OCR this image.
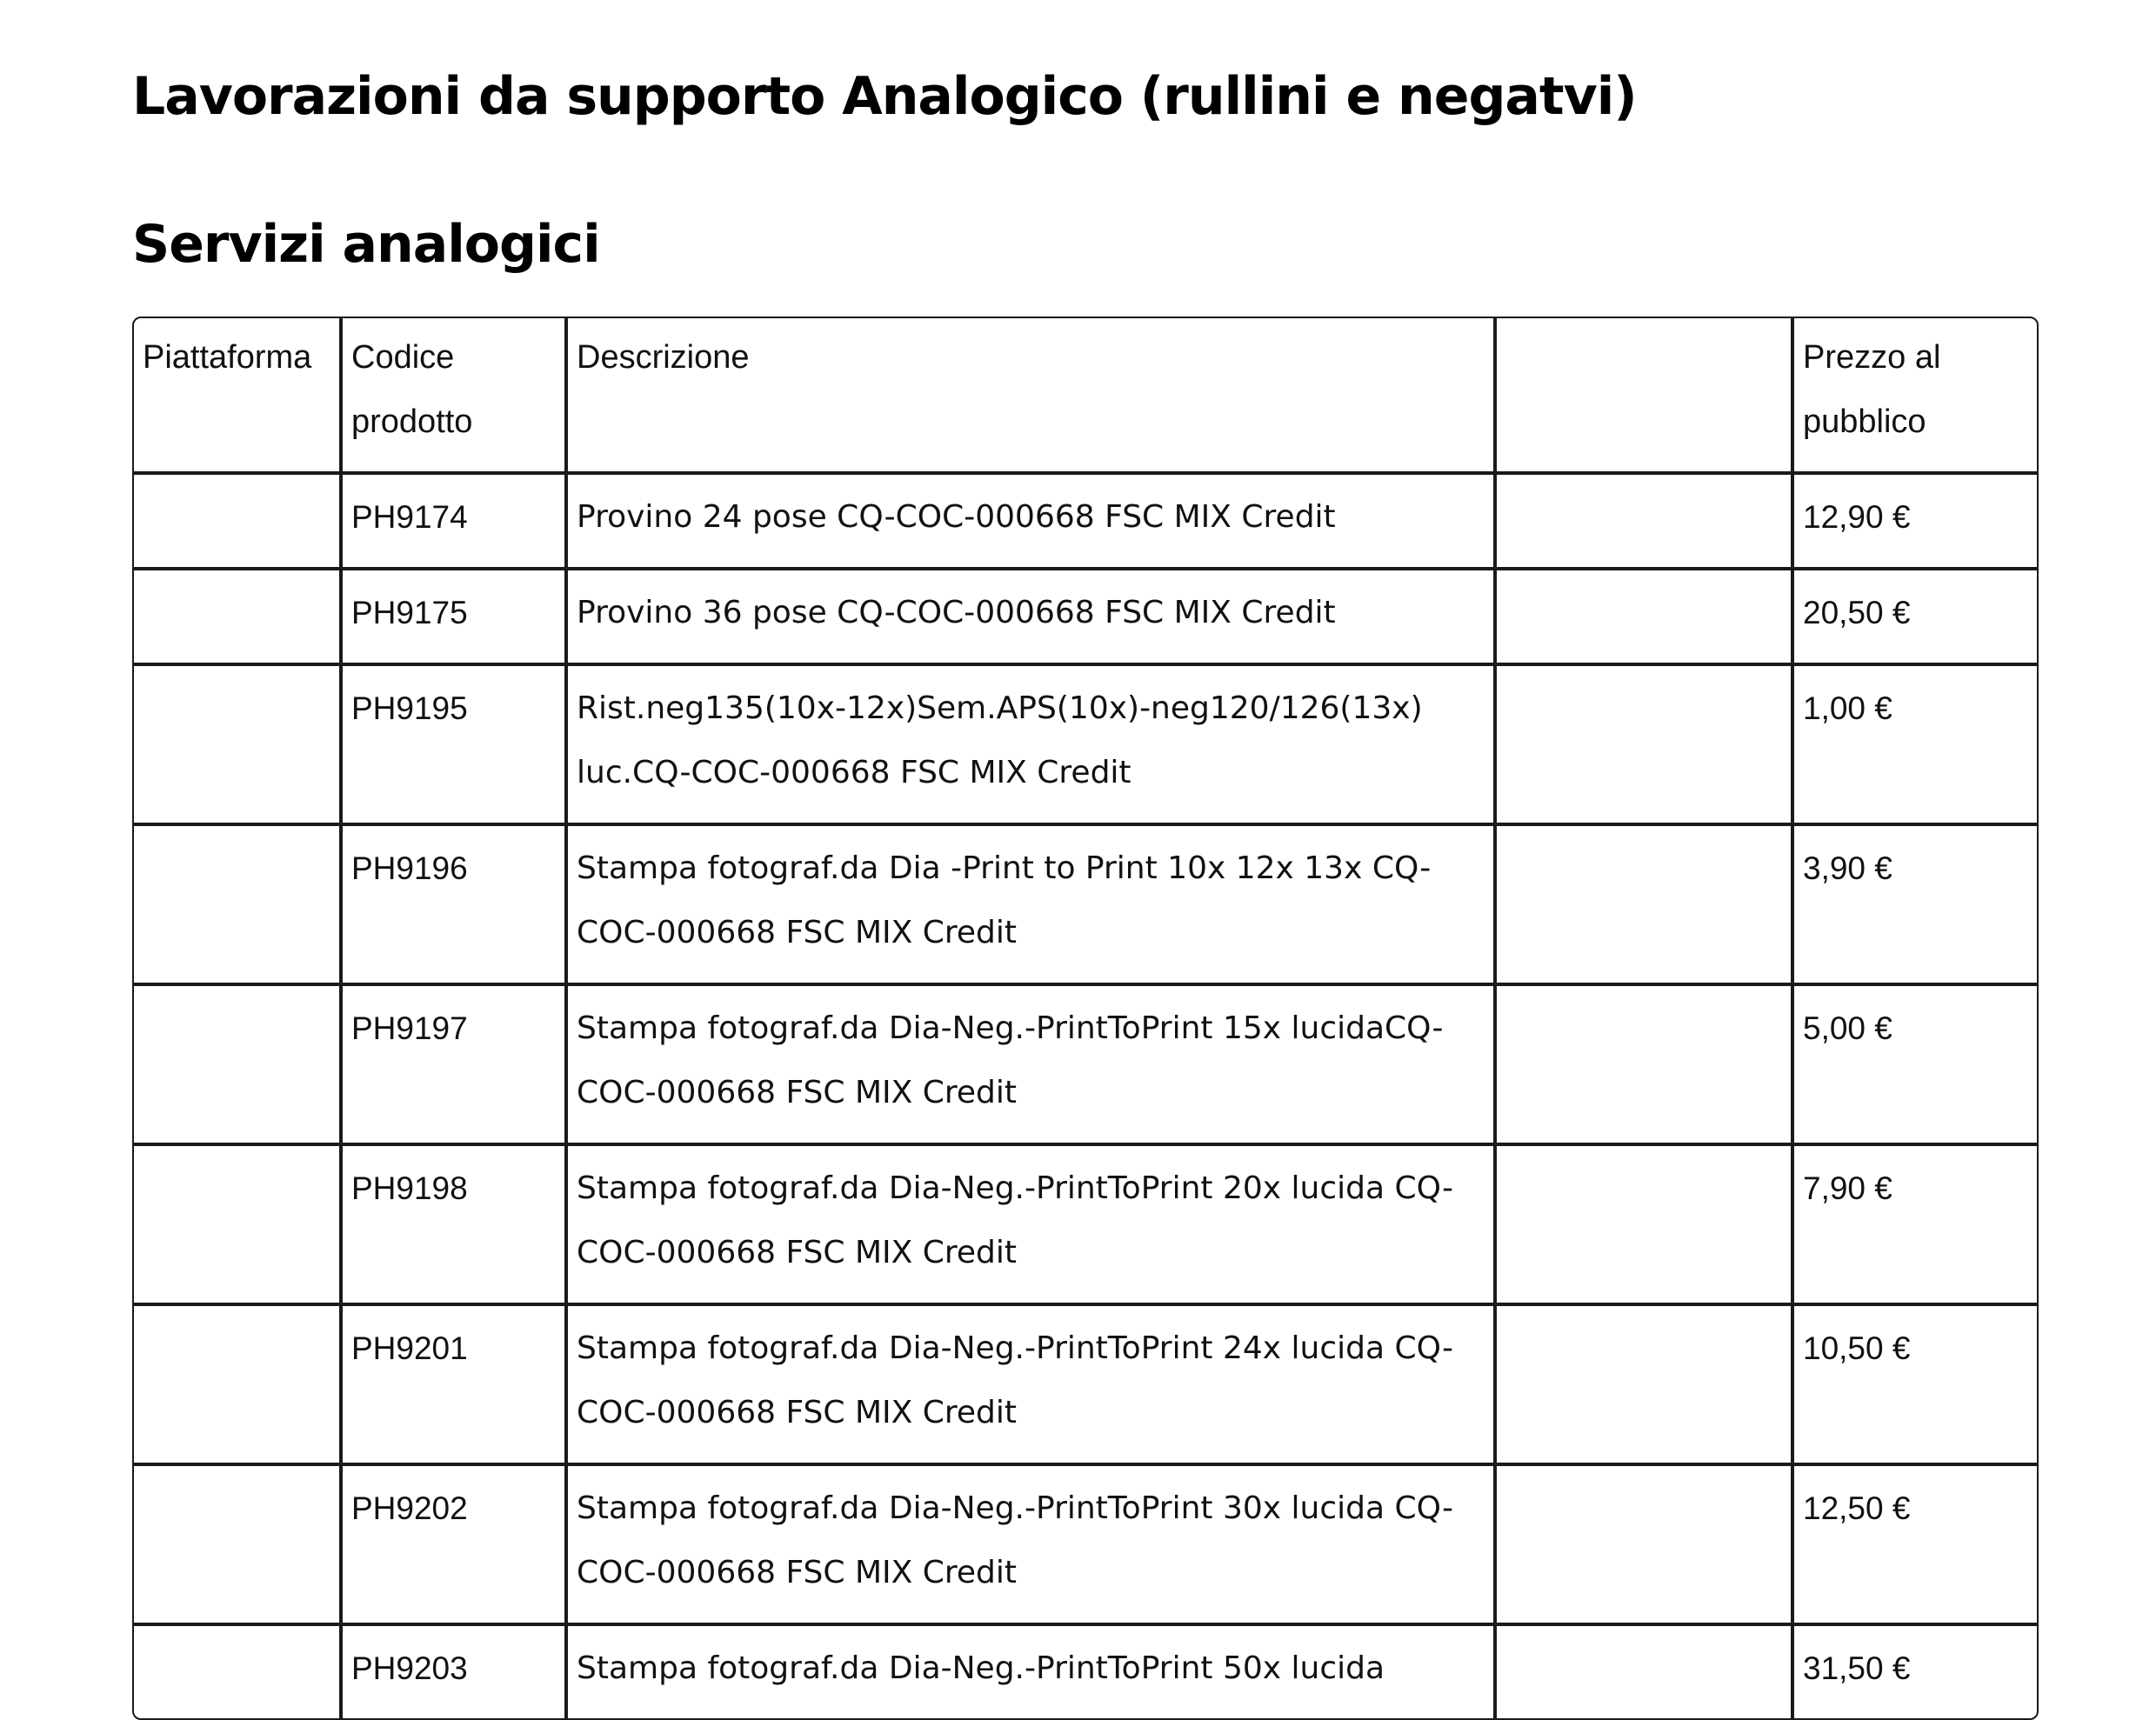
Lavorazioni da supporto Analogico (rullini e negatvi)
Servizi analogici
Piattaforma	Codice prodotto	Descrizione		Prezzo al pubblico
	PH9174	Provino 24 pose CQ-COC-000668 FSC MIX Credit		12,90 €
	PH9175	Provino 36 pose CQ-COC-000668 FSC MIX Credit		20,50 €
	PH9195	Rist.neg135(10x-12x)Sem.APS(10x)-neg120/126(13x) luc.CQ-COC-000668 FSC MIX Credit		1,00 €
	PH9196	Stampa fotograf.da Dia -Print to Print 10x 12x 13x CQ-COC-000668 FSC MIX Credit		3,90 €
	PH9197	Stampa fotograf.da Dia-Neg.-PrintToPrint 15x lucidaCQ-COC-000668 FSC MIX Credit		5,00 €
	PH9198	Stampa fotograf.da Dia-Neg.-PrintToPrint 20x lucida CQ-COC-000668 FSC MIX Credit		7,90 €
	PH9201	Stampa fotograf.da Dia-Neg.-PrintToPrint 24x lucida CQ-COC-000668 FSC MIX Credit		10,50 €
	PH9202	Stampa fotograf.da Dia-Neg.-PrintToPrint 30x lucida CQ-COC-000668 FSC MIX Credit		12,50 €
	PH9203	Stampa fotograf.da Dia-Neg.-PrintToPrint 50x lucida		31,50 €
